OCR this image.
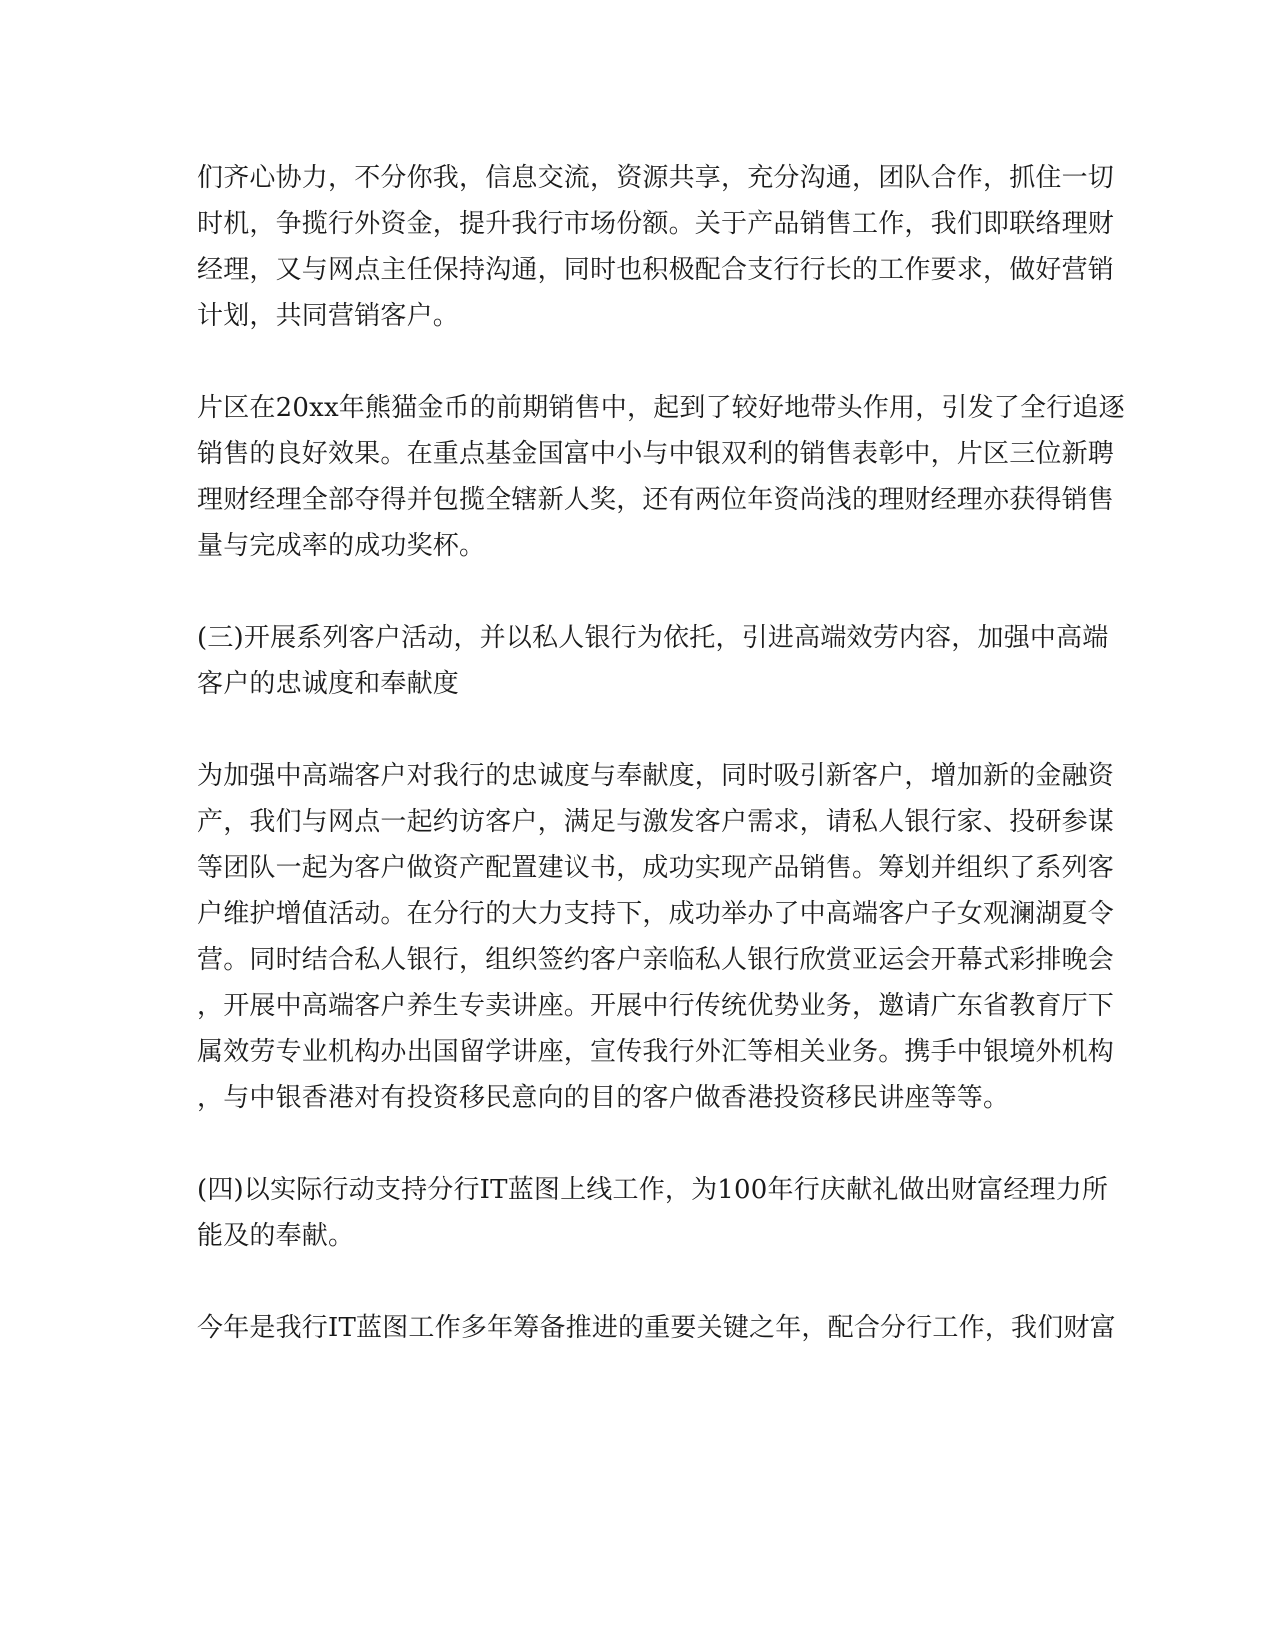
们齐心协力，不分你我，信息交流，资源共享，充分沟通，团队合作，抓住一切
时机，争揽行外资金，提升我行市场份额。关于产品销售工作，我们即联络理财
经理，又与网点主任保持沟通，同时也积极配合支行行长的工作要求，做好营销
计划，共同营销客户。
片区在20xx年熊猫金币的前期销售中，起到了较好地带头作用，引发了全行追逐
销售的良好效果。在重点基金国富中小与中银双利的销售表彰中，片区三位新聘
理财经理全部夺得并包揽全辖新人奖，还有两位年资尚浅的理财经理亦获得销售
量与完成率的成功奖杯。
(三)开展系列客户活动，并以私人银行为依托，引进高端效劳内容，加强中高端
客户的忠诚度和奉献度
为加强中高端客户对我行的忠诚度与奉献度，同时吸引新客户，增加新的金融资
产，我们与网点一起约访客户，满足与激发客户需求，请私人银行家、投研参谋
等团队一起为客户做资产配置建议书，成功实现产品销售。筹划并组织了系列客
户维护增值活动。在分行的大力支持下，成功举办了中高端客户子女观澜湖夏令
营。同时结合私人银行，组织签约客户亲临私人银行欣赏亚运会开幕式彩排晚会
，开展中高端客户养生专卖讲座。开展中行传统优势业务，邀请广东省教育厅下
属效劳专业机构办出国留学讲座，宣传我行外汇等相关业务。携手中银境外机构
，与中银香港对有投资移民意向的目的客户做香港投资移民讲座等等。
(四)以实际行动支持分行IT蓝图上线工作，为100年行庆献礼做出财富经理力所
能及的奉献。
今年是我行IT蓝图工作多年筹备推进的重要关键之年，配合分行工作，我们财富
